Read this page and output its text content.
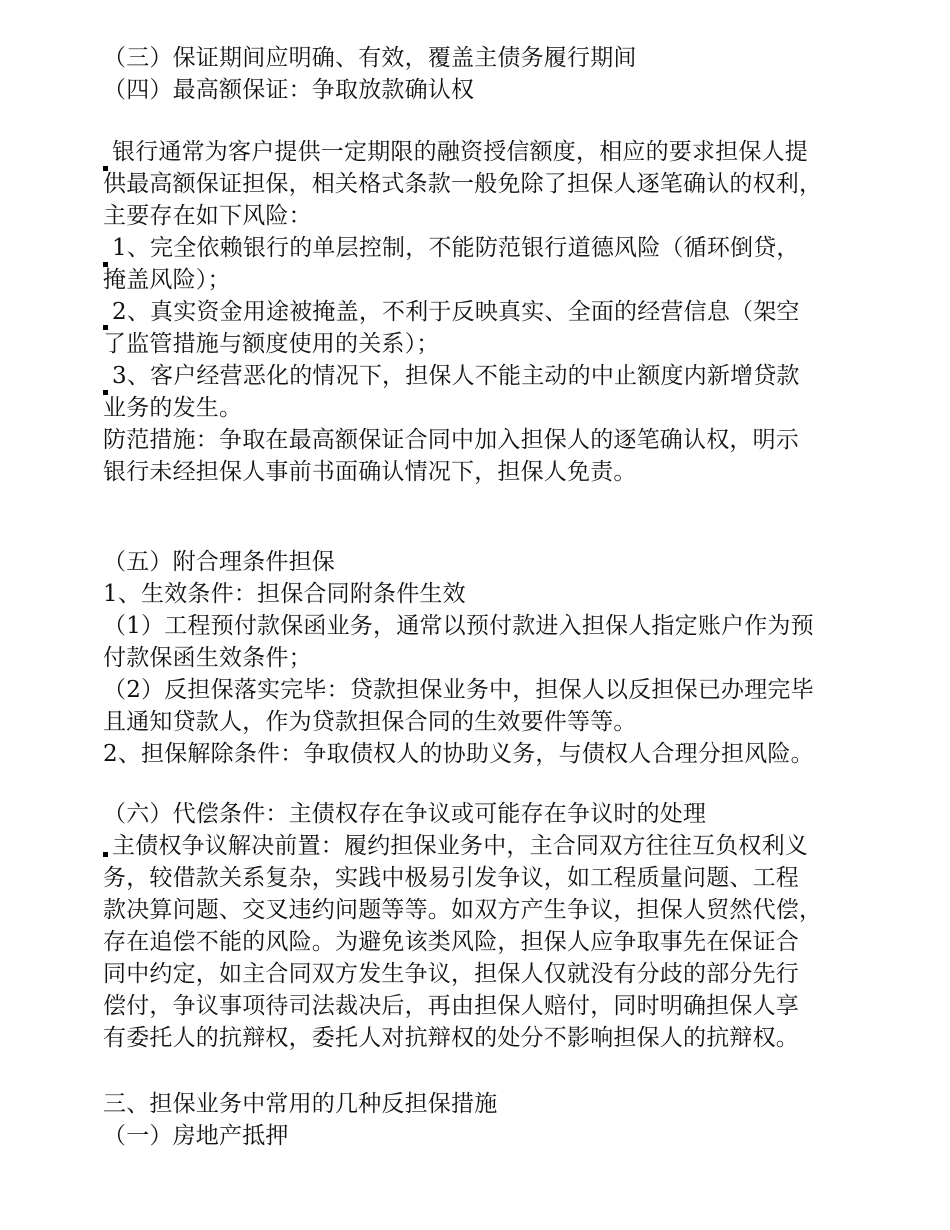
（三）保证期间应明确、有效，覆盖主债务履行期间
（四）最高额保证：争取放款确认权
银行通常为客户提供一定期限的融资授信额度，相应的要求担保人提
供最高额保证担保，相关格式条款一般免除了担保人逐笔确认的权利，
主要存在如下风险：
1、完全依赖银行的单层控制，不能防范银行道德风险（循环倒贷，
掩盖风险）；
2、真实资金用途被掩盖，不利于反映真实、全面的经营信息（架空
了监管措施与额度使用的关系）；
3、客户经营恶化的情况下，担保人不能主动的中止额度内新增贷款
业务的发生。
防范措施：争取在最高额保证合同中加入担保人的逐笔确认权，明示
银行未经担保人事前书面确认情况下，担保人免责。
（五）附合理条件担保
1、生效条件：担保合同附条件生效
（1）工程预付款保函业务，通常以预付款进入担保人指定账户作为预
付款保函生效条件；
（2）反担保落实完毕：贷款担保业务中，担保人以反担保已办理完毕
且通知贷款人，作为贷款担保合同的生效要件等等。
2、担保解除条件：争取债权人的协助义务，与债权人合理分担风险。
（六）代偿条件：主债权存在争议或可能存在争议时的处理
主债权争议解决前置：履约担保业务中，主合同双方往往互负权利义
务，较借款关系复杂，实践中极易引发争议，如工程质量问题、工程
款决算问题、交叉违约问题等等。如双方产生争议，担保人贸然代偿，
存在追偿不能的风险。为避免该类风险，担保人应争取事先在保证合
同中约定，如主合同双方发生争议，担保人仅就没有分歧的部分先行
偿付，争议事项待司法裁决后，再由担保人赔付，同时明确担保人享
有委托人的抗辩权，委托人对抗辩权的处分不影响担保人的抗辩权。
三、担保业务中常用的几种反担保措施
（一）房地产抵押
